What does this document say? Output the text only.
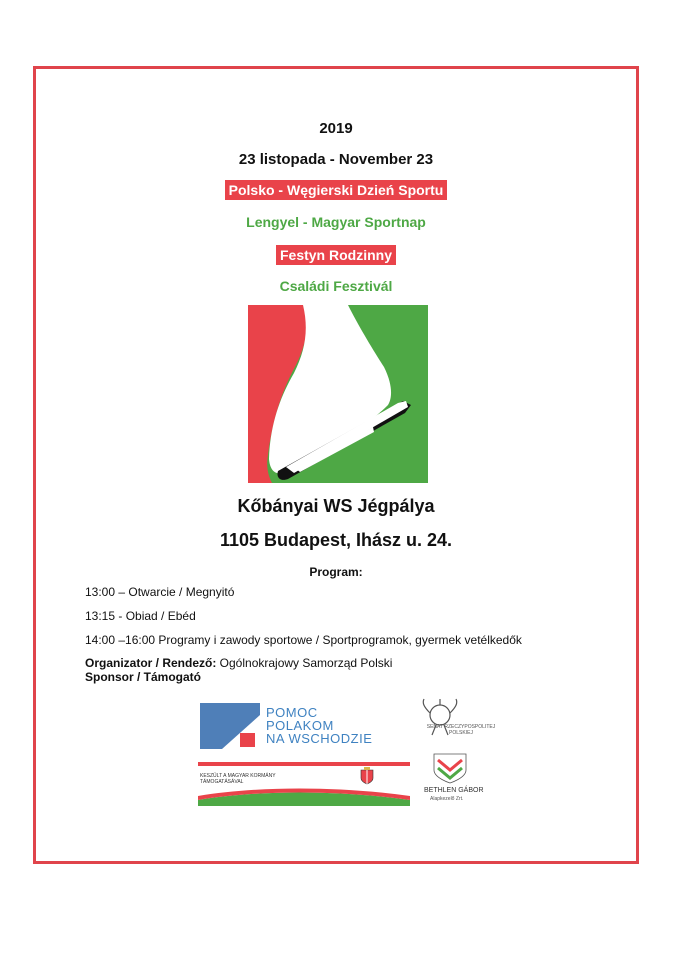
2019
23 listopada - November 23
Polsko - Węgierski Dzień Sportu
Lengyel - Magyar Sportnap
Festyn Rodzinny
Családi Fesztivál
Kőbányai WS Jégpálya
1105 Budapest, Ihász u. 24.
Program:
13:00 – Otwarcie / Megnyitó
13:15 - Obiad / Ebéd
14:00 –16:00 Programy i zawody sportowe / Sportprogramok, gyermek vetélkedők
Organizator / Rendező: Ogólnokrajowy Samorząd Polski
Sponsor / Támogató
POMOC
POLAKOM
NA WSCHODZIE
SENAT RZECZYPOSPOLITEJ POLSKIEJ
KESZÜLT A MAGYAR KORMÁNY
TÁMOGATÁSÁVAL
BETHLEN GÁBOR
Alapkezelő Zrt.
